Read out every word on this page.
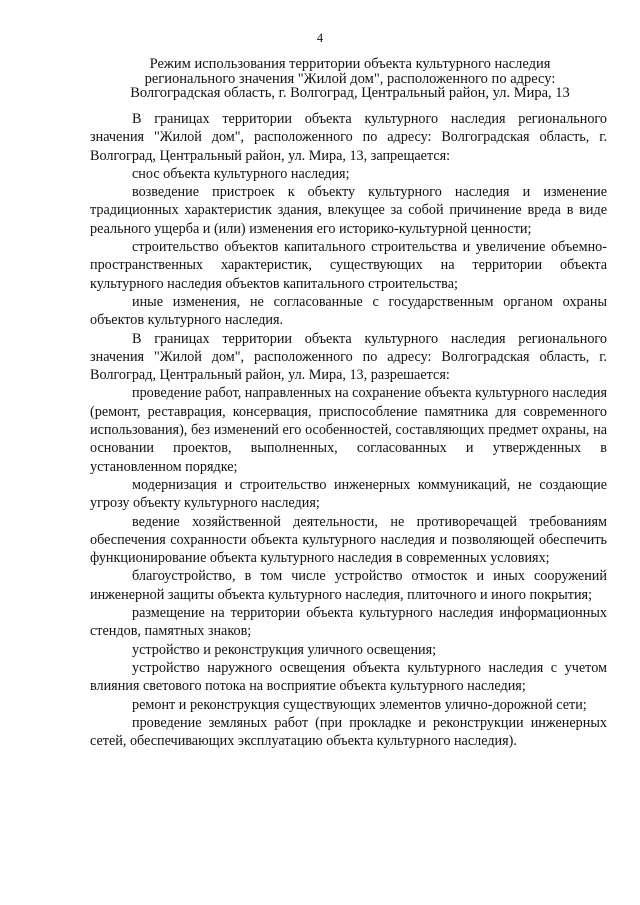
4
Режим использования территории объекта культурного наследия
регионального значения "Жилой дом", расположенного по адресу:
Волгоградская область, г. Волгоград, Центральный район, ул. Мира, 13

В границах территории объекта культурного наследия регионального значения "Жилой дом", расположенного по адресу: Волгоградская область, г. Волгоград, Центральный район, ул. Мира, 13, запрещается:

снос объекта культурного наследия;

возведение пристроек к объекту культурного наследия и изменение традиционных характеристик здания, влекущее за собой причинение вреда в виде реального ущерба и (или) изменения его историко-культурной ценности;

строительство объектов капитального строительства и увеличение объемно-пространственных характеристик, существующих на территории объекта культурного наследия объектов капитального строительства;

иные изменения, не согласованные с государственным органом охраны объектов культурного наследия.

В границах территории объекта культурного наследия регионального значения "Жилой дом", расположенного по адресу: Волгоградская область, г. Волгоград, Центральный район, ул. Мира, 13, разрешается:

проведение работ, направленных на сохранение объекта культурного наследия (ремонт, реставрация, консервация, приспособление памятника для современного использования), без изменений его особенностей, составляющих предмет охраны, на основании проектов, выполненных, согласованных и утвержденных в установленном порядке;

модернизация и строительство инженерных коммуникаций, не создающие угрозу объекту культурного наследия;

ведение хозяйственной деятельности, не противоречащей требованиям обеспечения сохранности объекта культурного наследия и позволяющей обеспечить функционирование объекта культурного наследия в современных условиях;

благоустройство, в том числе устройство отмосток и иных сооружений инженерной защиты объекта культурного наследия, плиточного и иного покрытия;

размещение на территории объекта культурного наследия информационных стендов, памятных знаков;

устройство и реконструкция уличного освещения;

устройство наружного освещения объекта культурного наследия с учетом влияния светового потока на восприятие объекта культурного наследия;

ремонт и реконструкция существующих элементов улично-дорожной сети;

проведение земляных работ (при прокладке и реконструкции инженерных сетей, обеспечивающих эксплуатацию объекта культурного наследия).
